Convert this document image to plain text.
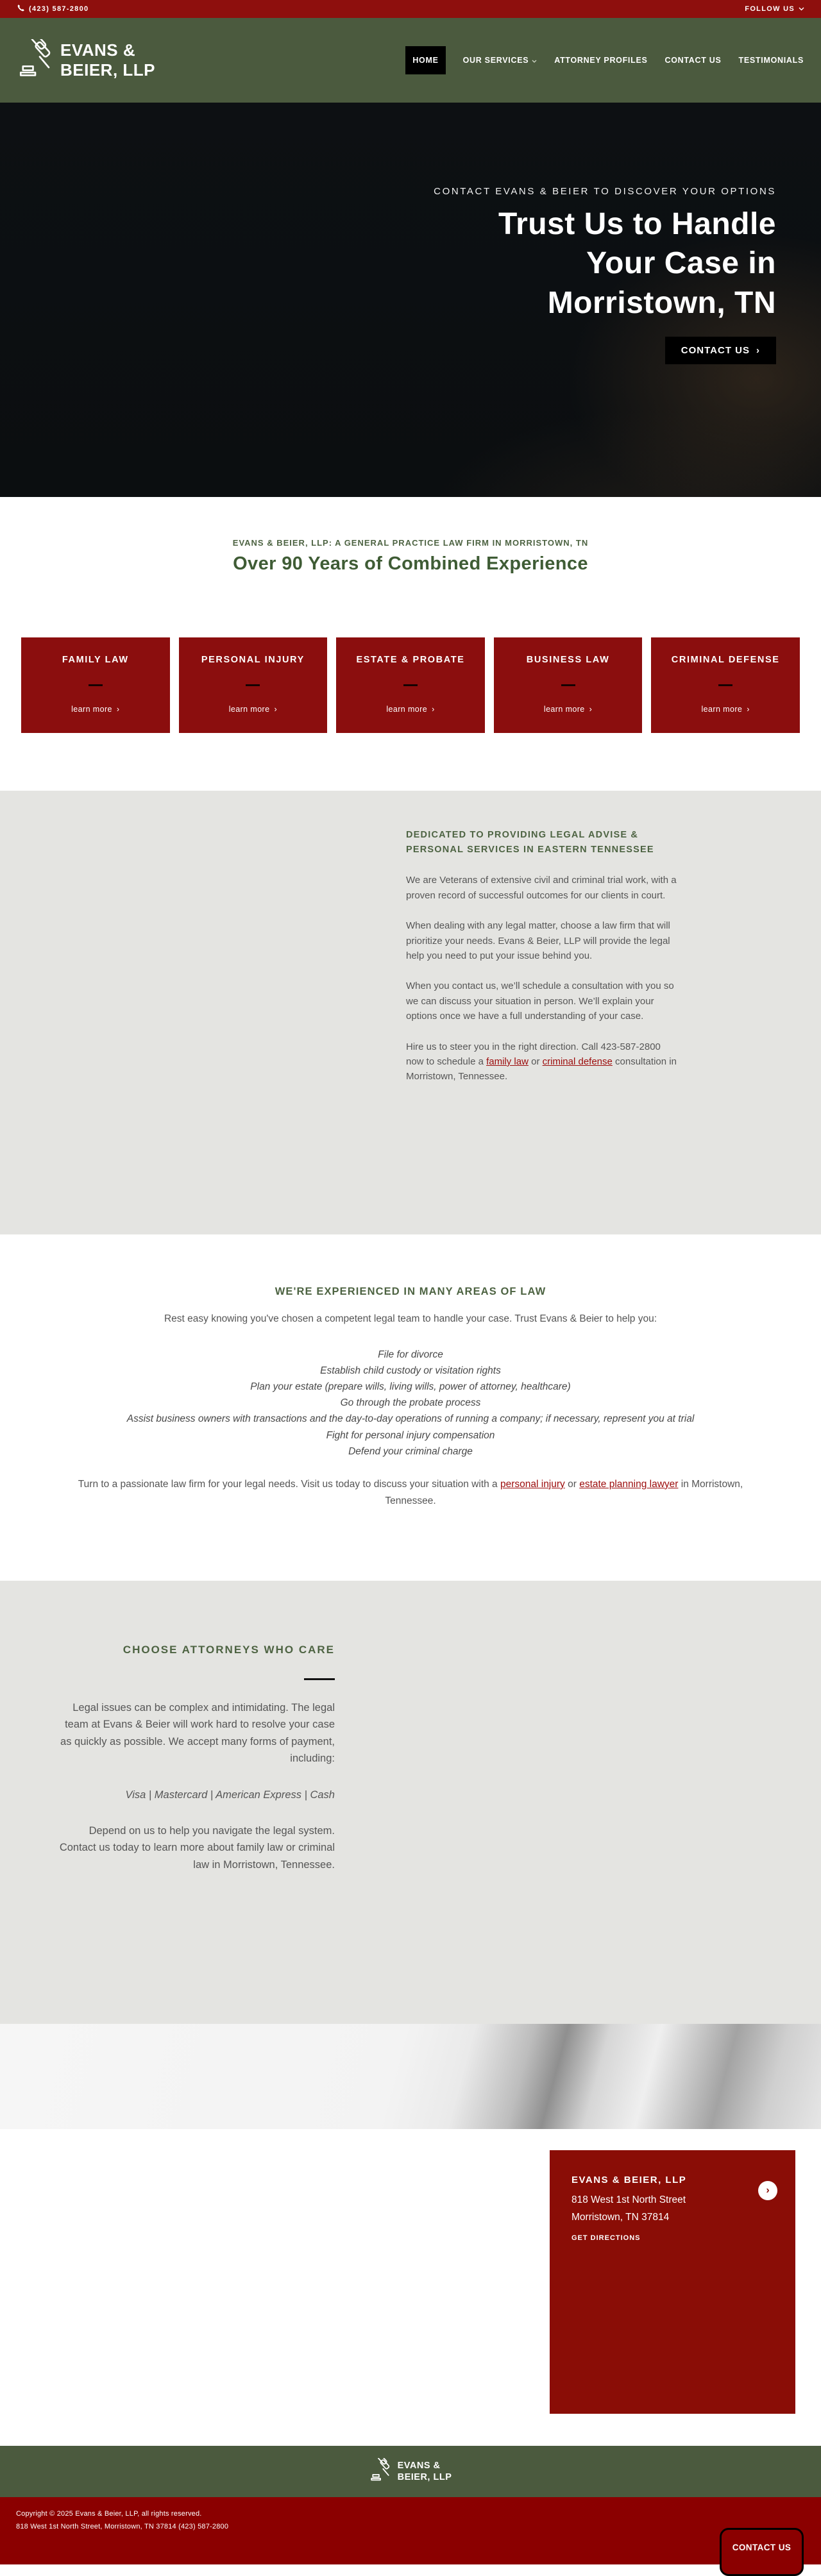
(423) 587-2800	FOLLOW US
EVANS &
BEIER, LLP	HOME	OUR SERVICES	ATTORNEY PROFILES CONTACT US TESTIMONIALS
CONTACT EVANS & BEIER TO DISCOVER YOUR OPTIONS
Trust Us to Handle
Your Case in
Morristown, TN
CONTACT US ›
EVANS & BEIER, LLP: A GENERAL PRACTICE LAW FIRM IN MORRISTOWN, TN
Over 90 Years of Combined Experience
FAMILY LAW
learn more ›
PERSONAL INJURY
learn more ›
ESTATE & PROBATE
learn more ›
BUSINESS LAW
learn more ›
CRIMINAL DEFENSE
learn more ›
DEDICATED TO PROVIDING LEGAL ADVISE & PERSONAL SERVICES IN EASTERN TENNESSEE

We are Veterans of extensive civil and criminal trial work, with a proven record of successful outcomes for our clients in court.

When dealing with any legal matter, choose a law firm that will prioritize your needs. Evans & Beier, LLP will provide the legal help you need to put your issue behind you.

When you contact us, we’ll schedule a consultation with you so we can discuss your situation in person. We’ll explain your options once we have a full understanding of your case.

Hire us to steer you in the right direction. Call 423-587-2800 now to schedule a family law or criminal defense consultation in Morristown, Tennessee.

WE'RE EXPERIENCED IN MANY AREAS OF LAW
Rest easy knowing you've chosen a competent legal team to handle your case. Trust Evans & Beier to help you:
File for divorce
Establish child custody or visitation rights
Plan your estate (prepare wills, living wills, power of attorney, healthcare)
Go through the probate process
Assist business owners with transactions and the day-to-day operations of running a company; if necessary, represent you at trial
Fight for personal injury compensation
Defend your criminal charge
Turn to a passionate law firm for your legal needs. Visit us today to discuss your situation with a personal injury or estate planning lawyer in Morristown, Tennessee.
CHOOSE ATTORNEYS WHO CARE

Legal issues can be complex and intimidating. The legal team at Evans & Beier will work hard to resolve your case as quickly as possible. We accept many forms of payment, including:

Visa | Mastercard | American Express | Cash

Depend on us to help you navigate the legal system. Contact us today to learn more about family law or criminal law in Morristown, Tennessee.

EVANS & BEIER, LLP
818 West 1st North Street
Morristown, TN 37814
GET DIRECTIONS
›
EVANS &
BEIER, LLP
Copyright © 2025 Evans & Beier, LLP, all rights reserved.
818 West 1st North Street, Morristown, TN 37814 (423) 587-2800
CONTACT US
